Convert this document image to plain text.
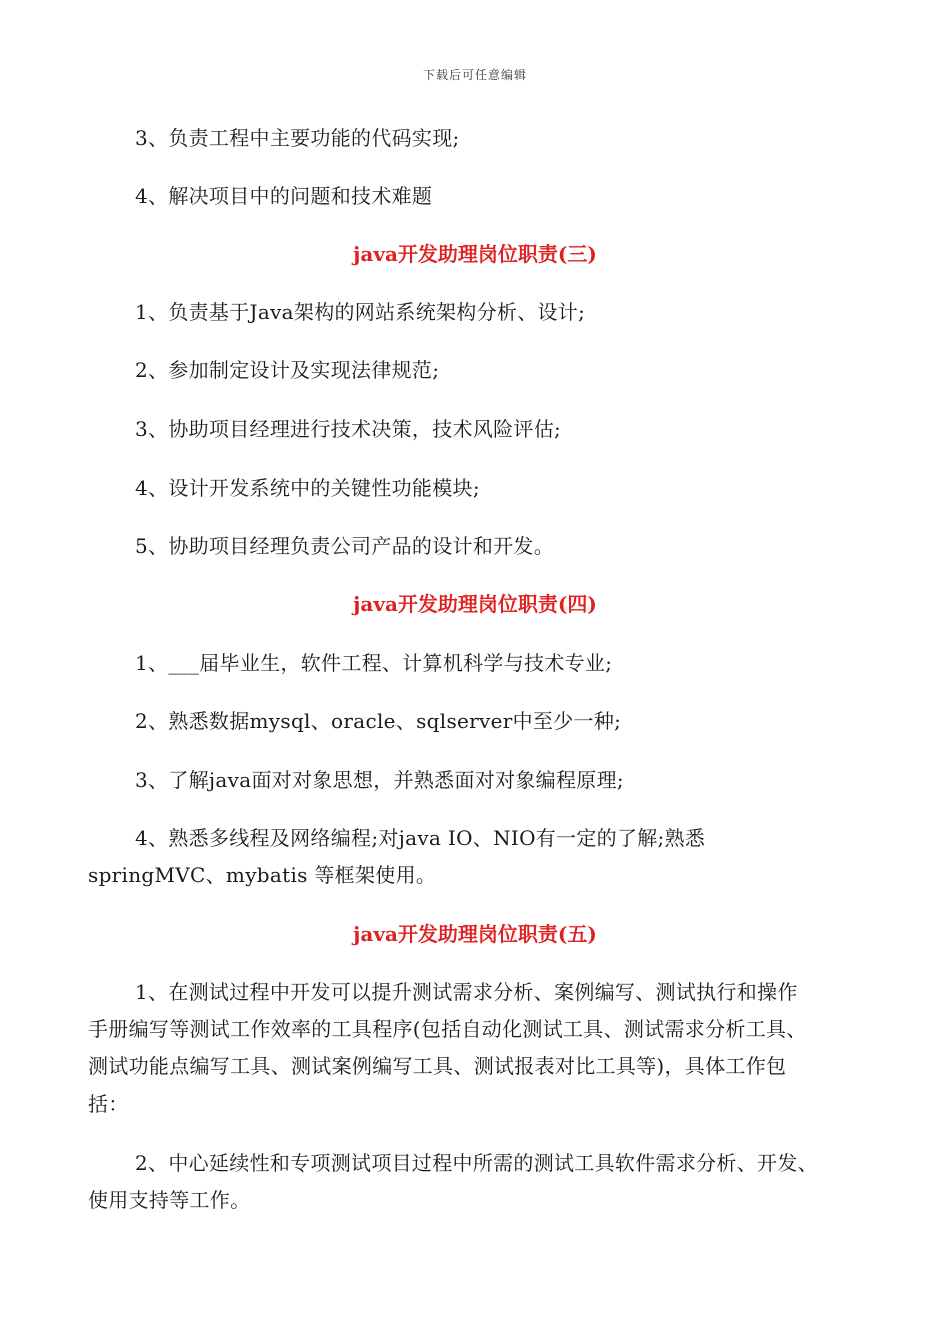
下载后可任意编辑
3、负责工程中主要功能的代码实现;
4、解决项目中的问题和技术难题
java开发助理岗位职责(三)
1、负责基于Java架构的网站系统架构分析、设计;
2、参加制定设计及实现法律规范;
3、协助项目经理进行技术决策，技术风险评估;
4、设计开发系统中的关键性功能模块;
5、协助项目经理负责公司产品的设计和开发。
java开发助理岗位职责(四)
1、___届毕业生，软件工程、计算机科学与技术专业;
2、熟悉数据mysql、oracle、sqlserver中至少一种;
3、了解java面对对象思想，并熟悉面对对象编程原理;
4、熟悉多线程及网络编程;对java IO、NIO有一定的了解;熟悉
springMVC、mybatis 等框架使用。
java开发助理岗位职责(五)
1、在测试过程中开发可以提升测试需求分析、案例编写、测试执行和操作
手册编写等测试工作效率的工具程序(包括自动化测试工具、测试需求分析工具、
测试功能点编写工具、测试案例编写工具、测试报表对比工具等)，具体工作包
括：
2、中心延续性和专项测试项目过程中所需的测试工具软件需求分析、开发、
使用支持等工作。
